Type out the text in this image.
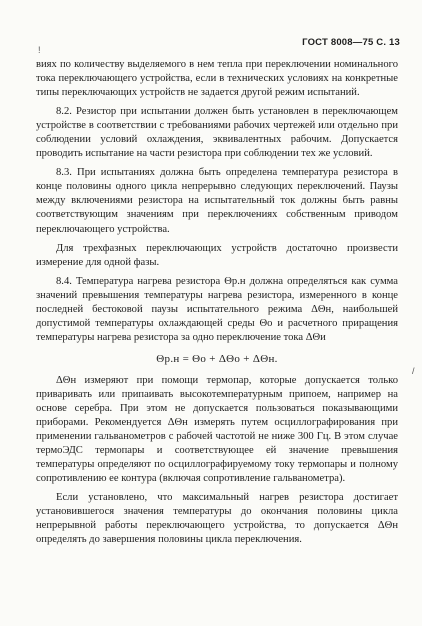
ГОСТ 8008—75 С. 13
!
/

виях по количеству выделяемого в нем тепла при переключении номинального тока переключающего устройства, если в технических условиях на конкретные типы переключающих устройств не задается другой режим испытаний.

8.2. Резистор при испытании должен быть установлен в переключающем устройстве в соответствии с требованиями рабочих чертежей или отдельно при соблюдении условий охлаждения, эквивалентных рабочим. Допускается проводить испытание на части резистора при соблюдении тех же условий.

8.3. При испытаниях должна быть определена температура резистора в конце половины одного цикла непрерывно следующих переключений. Паузы между включениями резистора на испытательный ток должны быть равны соответствующим значениям при переключениях собственным приводом переключающего устройства.

Для трехфазных переключающих устройств достаточно произвести измерение для одной фазы.

8.4. Температура нагрева резистора Θр.н должна определяться как сумма значений превышения температуры нагрева резистора, измеренного в конце последней бестоковой паузы испытательного режима ΔΘн, наибольшей допустимой температуры охлаждающей среды Θо и расчетного приращения температуры нагрева резистора за одно переключение тока ΔΘи

Θр.н = Θо + ΔΘо + ΔΘн.

ΔΘн измеряют при помощи термопар, которые допускается только приваривать или припаивать высокотемпературным припоем, например на основе серебра. При этом не допускается пользоваться показывающими приборами. Рекомендуется ΔΘн измерять путем осциллографирования при применении гальванометров с рабочей частотой не ниже 300 Гц. В этом случае термоЭДС термопары и соответствующее ей значение превышения температуры определяют по осциллографируемому току термопары и полному сопротивлению ее контура (включая сопротивление гальванометра).

Если установлено, что максимальный нагрев резистора достигает установившегося значения температуры до окончания половины цикла непрерывной работы переключающего устройства, то допускается ΔΘн определять до завершения половины цикла переключения.
